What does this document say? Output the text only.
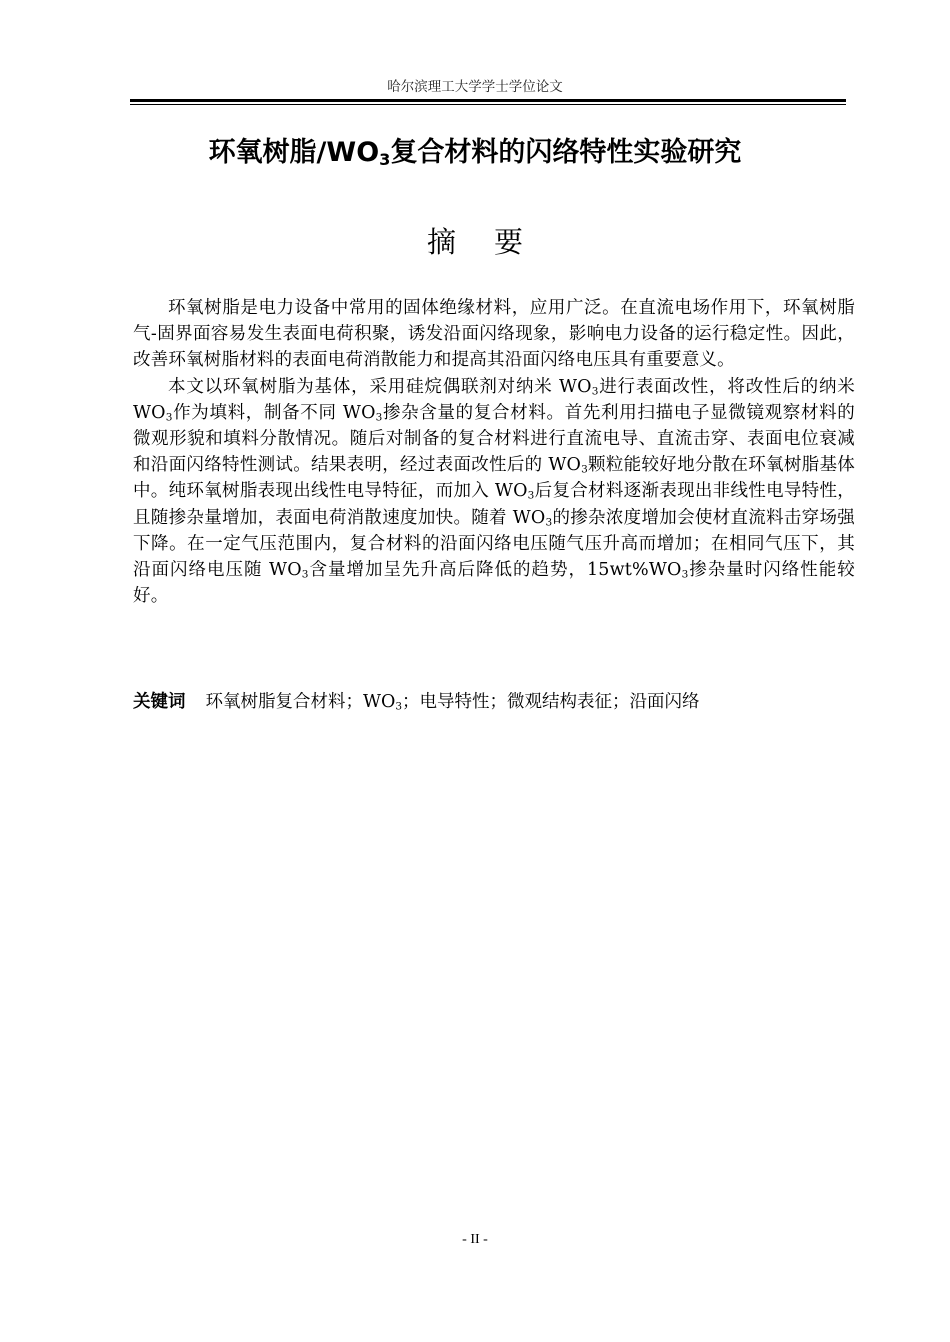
哈尔滨理工大学学士学位论文
环氧树脂$/WO_3$复合材料的闪络特性实验研究
摘 要

环氧树脂是电力设备中常用的固体绝缘材料，应用广泛。在直流电场作用下，环氧树脂气-固界面容易发生表面电荷积聚，诱发沿面闪络现象，影响电力设备的运行稳定性。因此，改善环氧树脂材料的表面电荷消散能力和提高其沿面闪络电压具有重要意义。

本文以环氧树脂为基体，采用硅烷偶联剂对纳米 $WO_3$进行表面改性，将改性后的纳米 $WO_3$作为填料，制备不同 $WO_3$掺杂含量的复合材料。首先利用扫描电子显微镜观察材料的微观形貌和填料分散情况。随后对制备的复合材料进行直流电导、直流击穿、表面电位衰减和沿面闪络特性测试。结果表明，经过表面改性后的 $WO_3$颗粒能较好地分散在环氧树脂基体中。纯环氧树脂表现出线性电导特征，而加入 $WO_3$后复合材料逐渐表现出非线性电导特性，且随掺杂量增加，表面电荷消散速度加快。随着 $WO_3$的掺杂浓度增加会使材直流料击穿场强下降。在一定气压范围内，复合材料的沿面闪络电压随气压升高而增加；在相同气压下，其沿面闪络电压随 $WO_3$含量增加呈先升高后降低的趋势，$15wt\%WO_3$掺杂量时闪络性能较好。

关键词 环氧树脂复合材料；$WO_3$；电导特性；微观结构表征；沿面闪络
- II -
